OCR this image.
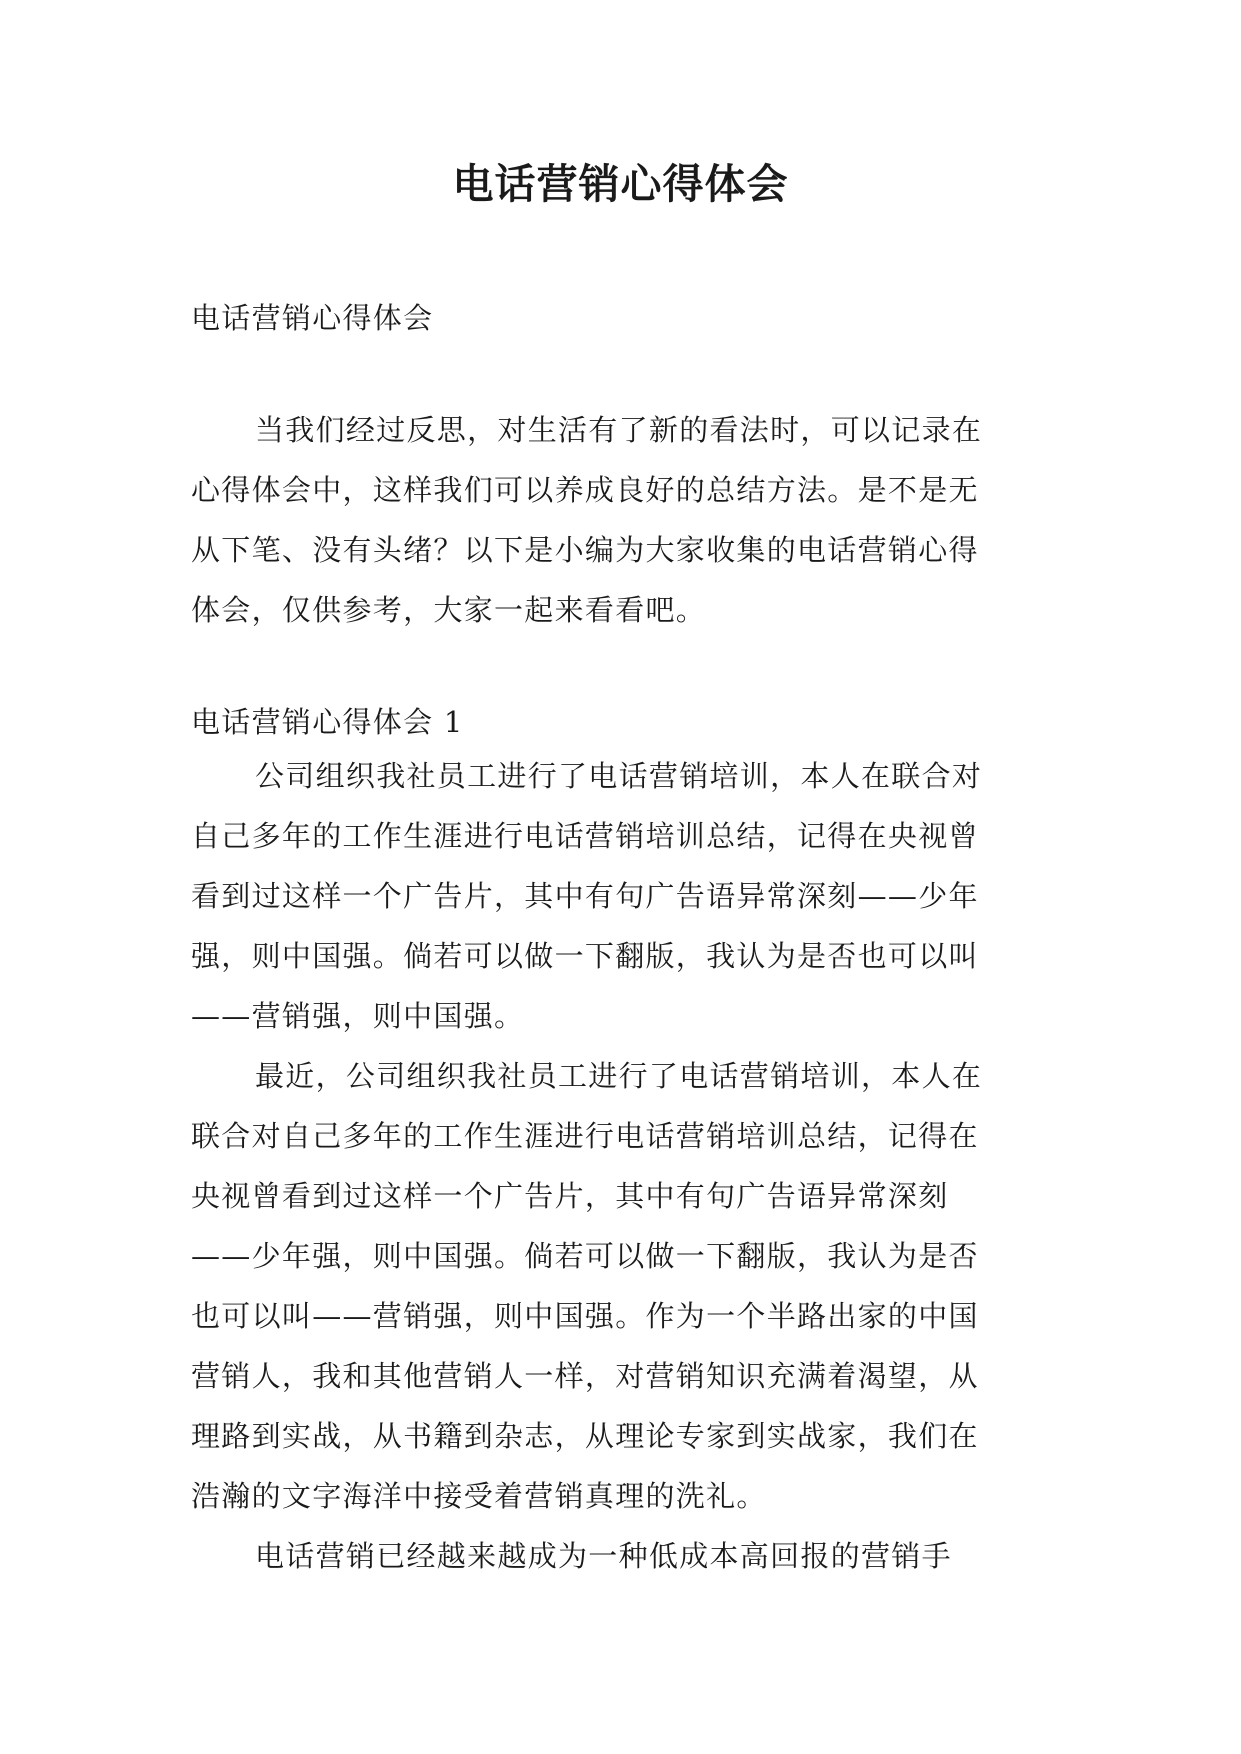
电话营销心得体会

电话营销心得体会

当我们经过反思，对生活有了新的看法时，可以记录在
心得体会中，这样我们可以养成良好的总结方法。是不是无
从下笔、没有头绪？以下是小编为大家收集的电话营销心得
体会，仅供参考，大家一起来看看吧。

电话营销心得体会 1

公司组织我社员工进行了电话营销培训，本人在联合对
自己多年的工作生涯进行电话营销培训总结，记得在央视曾
看到过这样一个广告片，其中有句广告语异常深刻——少年
强，则中国强。倘若可以做一下翻版，我认为是否也可以叫
——营销强，则中国强。
最近，公司组织我社员工进行了电话营销培训，本人在
联合对自己多年的工作生涯进行电话营销培训总结，记得在
央视曾看到过这样一个广告片，其中有句广告语异常深刻
——少年强，则中国强。倘若可以做一下翻版，我认为是否
也可以叫——营销强，则中国强。作为一个半路出家的中国
营销人，我和其他营销人一样，对营销知识充满着渴望，从
理路到实战，从书籍到杂志，从理论专家到实战家，我们在
浩瀚的文字海洋中接受着营销真理的洗礼。
电话营销已经越来越成为一种低成本高回报的营销手
